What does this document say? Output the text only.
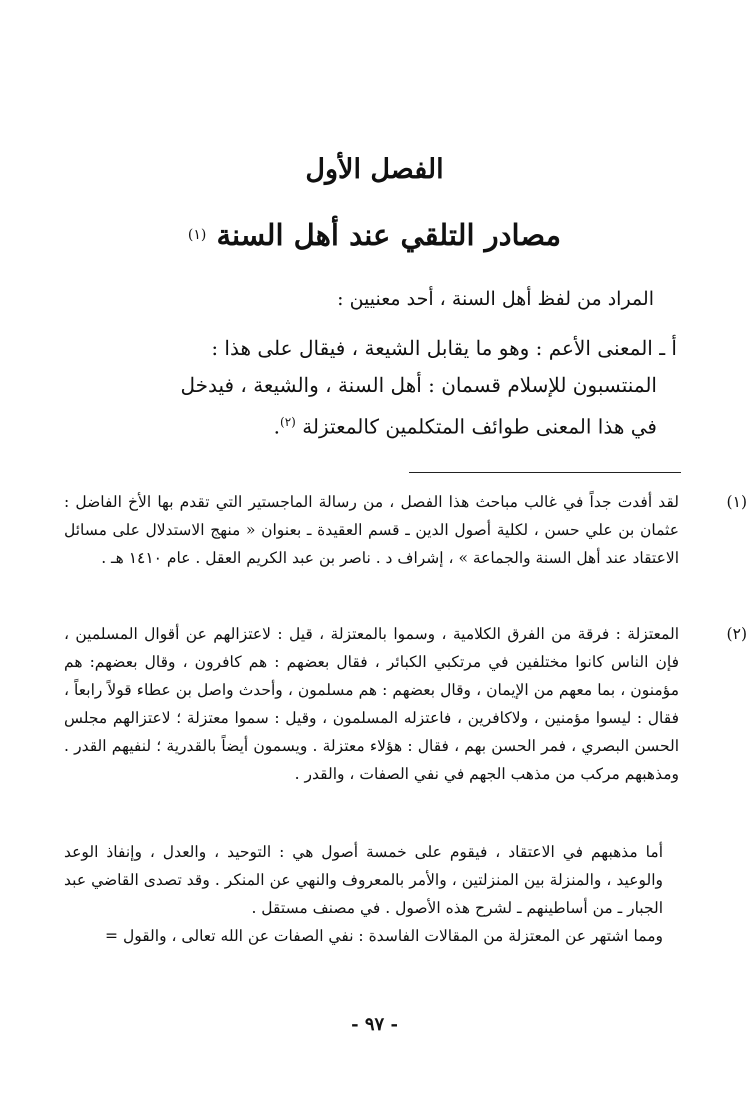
الفصل الأول
مصادر التلقي عند أهل السنة $^{(١)}$
المراد من لفظ أهل السنة ، أحد معنيين :

أ ـ المعنى الأعم : وهو ما يقابل الشيعة ، فيقال على هذا :

المنتسبون للإسلام قسمان : أهل السنة ، والشيعة ، فيدخل

في هذا المعنى طوائف المتكلمين كالمعتزلة $^{(٢)}$.

(١)لقد أفدت جداً في غالب مباحث هذا الفصل ، من رسالة الماجستير التي تقدم بها الأخ الفاضل : عثمان بن علي حسن ، لكلية أصول الدين ـ قسم العقيدة ـ بعنوان « منهج الاستدلال على مسائل الاعتقاد عند أهل السنة والجماعة » ، إشراف د . ناصر بن عبد الكريم العقل . عام ١٤١٠ هـ .

(٢)المعتزلة : فرقة من الفرق الكلامية ، وسموا بالمعتزلة ، قيل : لاعتزالهم عن أقوال المسلمين ، فإن الناس كانوا مختلفين في مرتكبي الكبائر ، فقال بعضهم : هم كافرون ، وقال بعضهم: هم مؤمنون ، بما معهم من الإيمان ، وقال بعضهم : هم مسلمون ، وأحدث واصل بن عطاء قولاً رابعاً ، فقال : ليسوا مؤمنين ، ولاكافرين ، فاعتزله المسلمون ، وقيل : سموا معتزلة ؛ لاعتزالهم مجلس الحسن البصري ، فمر الحسن بهم ، فقال : هؤلاء معتزلة . ويسمون أيضاً بالقدرية ؛ لنفيهم القدر . ومذهبهم مركب من مذهب الجهم في نفي الصفات ، والقدر .

أما مذهبهم في الاعتقاد ، فيقوم على خمسة أصول هي : التوحيد ، والعدل ، وإنفاذ الوعد والوعيد ، والمنزلة بين المنزلتين ، والأمر بالمعروف والنهي عن المنكر . وقد تصدى القاضي عبد الجبار ـ من أساطينهم ـ لشرح هذه الأصول . في مصنف مستقل .

ومما اشتهر عن المعتزلة من المقالات الفاسدة : نفي الصفات عن الله تعالى ، والقول =

- ٩٧ -
